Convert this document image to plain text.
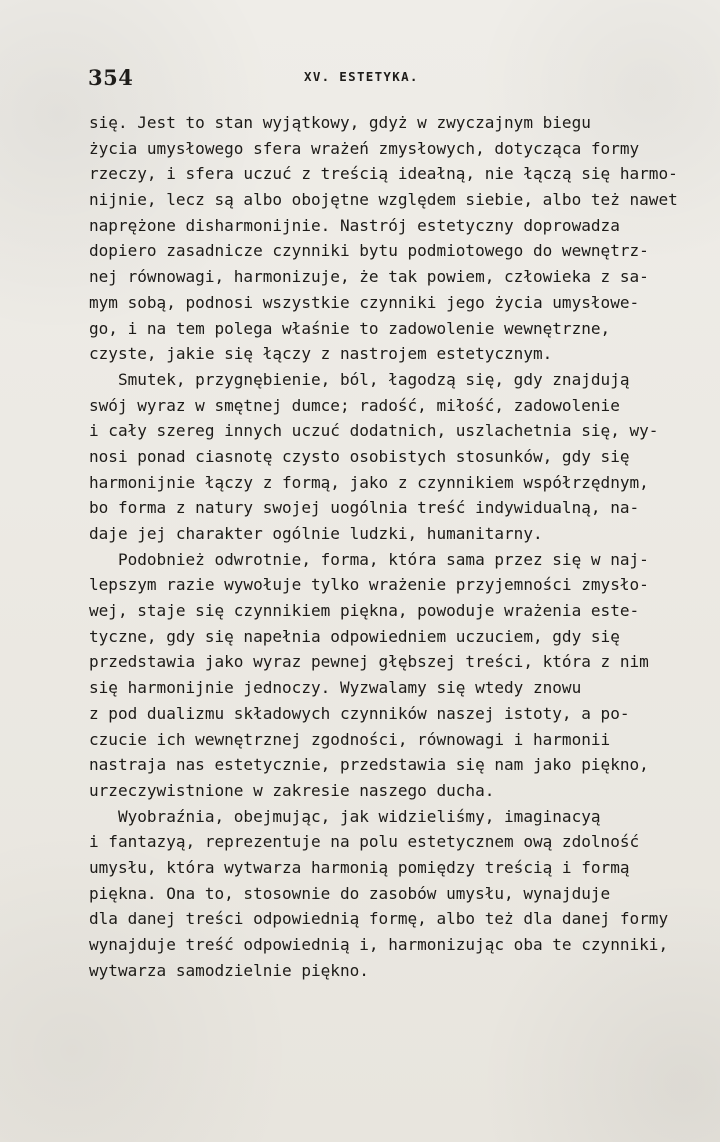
354	XV. ESTETYKA.
się. Jest to stan wyjątkowy, gdyż w zwyczajnym biegu
życia umysłowego sfera wrażeń zmysłowych, dotycząca formy
rzeczy, i sfera uczuć z treścią ideałną, nie łączą się harmo-
nijnie, lecz są albo obojętne względem siebie, albo też nawet
naprężone disharmonijnie. Nastrój estetyczny doprowadza
dopiero zasadnicze czynniki bytu podmiotowego do wewnętrz-
nej równowagi, harmonizuje, że tak powiem, człowieka z sa-
mym sobą, podnosi wszystkie czynniki jego życia umysłowe-
go, i na tem polega właśnie to zadowolenie wewnętrzne,
czyste, jakie się łączy z nastrojem estetycznym.
Smutek, przygnębienie, ból, łagodzą się, gdy znajdują
swój wyraz w smętnej dumce; radość, miłość, zadowolenie
i cały szereg innych uczuć dodatnich, uszlachetnia się, wy-
nosi ponad ciasnotę czysto osobistych stosunków, gdy się
harmonijnie łączy z formą, jako z czynnikiem współrzędnym,
bo forma z natury swojej uogólnia treść indywidualną, na-
daje jej charakter ogólnie ludzki, humanitarny.
Podobnież odwrotnie, forma, która sama przez się w naj-
lepszym razie wywołuje tylko wrażenie przyjemności zmysło-
wej, staje się czynnikiem piękna, powoduje wrażenia este-
tyczne, gdy się napełnia odpowiedniem uczuciem, gdy się
przedstawia jako wyraz pewnej głębszej treści, która z nim
się harmonijnie jednoczy. Wyzwalamy się wtedy znowu
z pod dualizmu składowych czynników naszej istoty, a po-
czucie ich wewnętrznej zgodności, równowagi i harmonii
nastraja nas estetycznie, przedstawia się nam jako piękno,
urzeczywistnione w zakresie naszego ducha.
Wyobraźnia, obejmując, jak widzieliśmy, imaginacyą
i fantazyą, reprezentuje na polu estetycznem ową zdolność
umysłu, która wytwarza harmonią pomiędzy treścią i formą
piękna. Ona to, stosownie do zasobów umysłu, wynajduje
dla danej treści odpowiednią formę, albo też dla danej formy
wynajduje treść odpowiednią i, harmonizując oba te czynniki,
wytwarza samodzielnie piękno.
